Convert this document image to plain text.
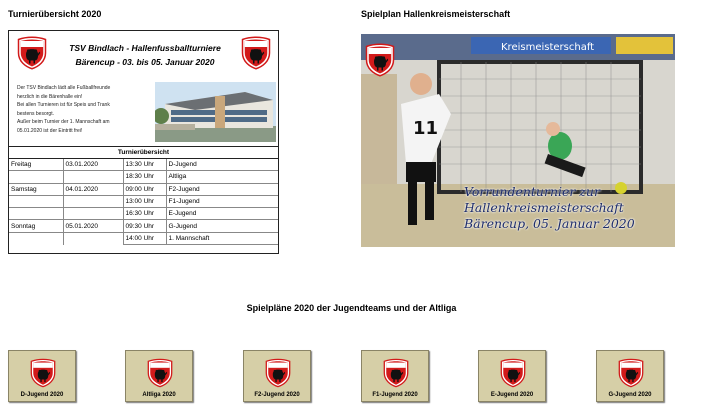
Turnierübersicht 2020	Spielplan Hallenkreismeisterschaft
TSV Bindlach - Hallenfussballturniere
Bärencup - 03. bis 05. Januar 2020
Der TSV Bindlach lädt alle Fußballfreunde
herzlich in die Bärenhalle ein!
Bei allen Turnieren ist für Speis und Trank
bestens besorgt.
Außer beim Turnier der 1. Mannschaft am
05.01.2020 ist der Eintritt frei!
Turnierübersicht			
Freitag	03.01.2020	13:30 Uhr	D-Jugend
		18:30 Uhr	Altliga
Samstag	04.01.2020	09:00 Uhr	F2-Jugend
		13:00 Uhr	F1-Jugend
		16:30 Uhr	E-Jugend
Sonntag	05.01.2020	09:30 Uhr	G-Jugend
		14:00 Uhr	1. Mannschaft
11
Kreismeisterschaft
Vorrundenturnier zur
Hallenkreismeisterschaft
Bärencup, 05. Januar 2020
Spielpläne 2020 der Jugendteams und der Altliga
D-Jugend 2020	Altliga 2020	F2-Jugend 2020	F1-Jugend 2020	E-Jugend 2020	G-Jugend 2020
